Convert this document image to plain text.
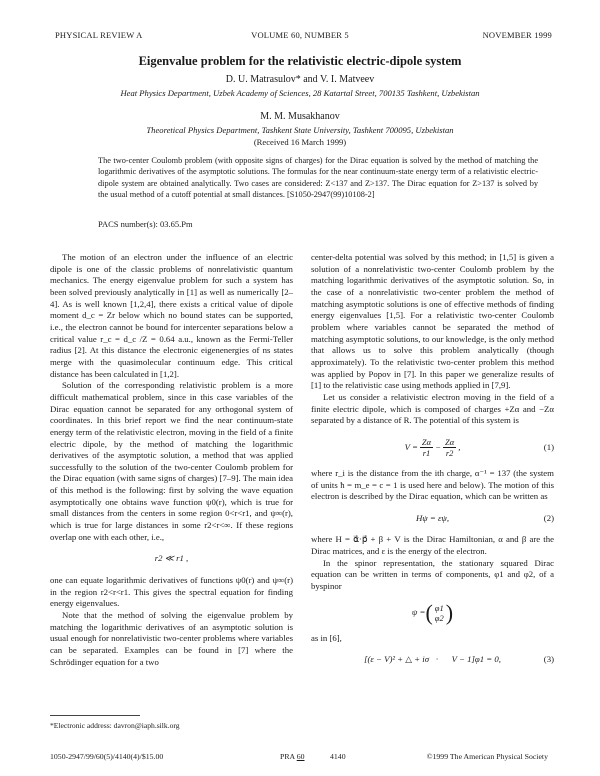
PHYSICAL REVIEW A	VOLUME 60, NUMBER 5	NOVEMBER 1999
Eigenvalue problem for the relativistic electric-dipole system
D. U. Matrasulov* and V. I. Matveev
Heat Physics Department, Uzbek Academy of Sciences, 28 Katartal Street, 700135 Tashkent, Uzbekistan
M. M. Musakhanov
Theoretical Physics Department, Tashkent State University, Tashkent 700095, Uzbekistan
(Received 16 March 1999)
The two-center Coulomb problem (with opposite signs of charges) for the Dirac equation is solved by the method of matching the logarithmic derivatives of the asymptotic solutions. The formulas for the near continuum-state energy term of a relativistic electric-dipole system are obtained analytically. Two cases are considered: Z<137 and Z>137. The Dirac equation for Z>137 is solved by the usual method of a cutoff potential at small distances. [S1050-2947(99)10108-2]
PACS number(s): 03.65.Pm

The motion of an electron under the influence of an electric dipole is one of the classic problems of nonrelativistic quantum mechanics. The energy eigenvalue problem for such a system has been solved previously analytically in [1] as well as numerically [2–4]. As is well known [1,2,4], there exists a critical value of dipole moment d_c = Zr below which no bound states can be supported, i.e., the electron cannot be bound for intercenter separations below a critical value r_c = d_c /Z = 0.64 a.u., known as the Fermi-Teller radius [2]. At this distance the electronic eigenenergies of ns states merge with the quasimolecular continuum edge. This critical distance has been calculated in [1,2].

Solution of the corresponding relativistic problem is a more difficult mathematical problem, since in this case variables of the Dirac equation cannot be separated for any orthogonal system of coordinates. In this brief report we find the near continuum-state energy term of the relativistic electron, moving in the field of a finite electric dipole, by the method of matching the logarithmic derivatives of the asymptotic solution, a method that was applied successfully to the solution of the two-center Coulomb problem for the Dirac equation (with same signs of charges) [7–9]. The main idea of this method is the following: first by solving the wave equation asymptotically one obtains wave function ψ0(r), which is true for small distances from the centers in some region 0<r<r1, and ψ∞(r), which is true for large distances in some r2<r<∞. If these regions overlap one with each other, i.e.,

r2 ≪ r1 ,

one can equate logarithmic derivatives of functions ψ0(r) and ψ∞(r) in the region r2<r<r1. This gives the spectral equation for finding energy eigenvalues.

Note that the method of solving the eigenvalue problem by matching the logarithmic derivatives of an asymptotic solution is usual enough for nonrelativistic two-center problems where variables can be separated. Examples can be found in [7] where the Schrödinger equation for a two

center-delta potential was solved by this method; in [1,5] is given a solution of a nonrelativistic two-center Coulomb problem by the matching logarithmic derivatives of the asymptotic solution. So, in the case of a nonrelativistic two-center problem the method of matching asymptotic solutions is one of effective methods of finding energy eigenvalues [1,5]. For a relativistic two-center Coulomb problem where variables cannot be separated the method of matching asymptotic solutions, to our knowledge, is the only method that allows us to solve this problem analytically (though approximately). To the relativistic two-center problem this method was applied by Popov in [7]. In this paper we generalize results of [1] to the relativistic case using methods applied in [7,9].

Let us consider a relativistic electron moving in the field of a finite electric dipole, which is composed of charges +Zα and −Zα separated by a distance of R. The potential of this system is

$V = \frac{Z\alpha}{r1} - \frac{Z\alpha}{r2}$ ,	(1)

where r_i is the distance from the ith charge, α⁻¹ = 137 (the system of units ħ = m_e = c = 1 is used here and below). The motion of this electron is described by the Dirac equation, which can be written as

Hψ = εψ,	(2)

where H = α⃗·p⃗ + β + V is the Dirac Hamiltonian, α and β are the Dirac matrices, and ε is the energy of the electron.

In the spinor representation, the stationary squared Dirac equation can be written in terms of components, φ1 and φ2, of a byspinor

ψ = ( φ1
φ2 )

as in [6],

[(ε − V)² + △ + iσ⃗·∇⃗V − 1]φ1 = 0,	(3)
*Electronic address: davron@iaph.silk.org
1050-2947/99/60(5)/4140(4)/$15.00	PRA 60	4140	©1999 The American Physical Society
